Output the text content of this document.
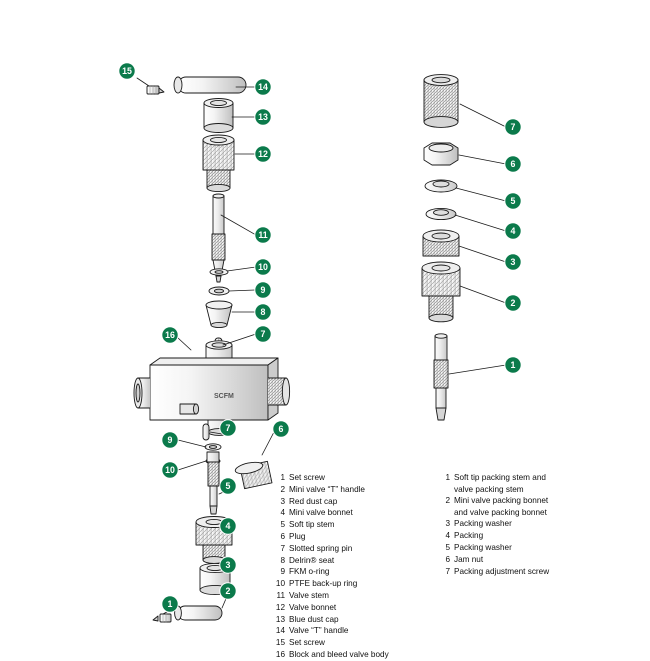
SCFM
15
14
13
12
11
10
9
8
7
16
9
7	6
10
5
4
3
2
1
7
6
5
4
3
2
1
1 Set screw
2 Mini valve “T” handle
3 Red dust cap
4 Mini valve bonnet
5 Soft tip stem
6 Plug
7 Slotted spring pin
8 Delrin® seat
9 FKM o-ring
10 PTFE back-up ring
11 Valve stem
12 Valve bonnet
13 Blue dust cap
14 Valve “T” handle
15 Set screw
16 Block and bleed valve body
1 Soft tip packing stem and
valve packing stem
2 Mini valve packing bonnet
and valve packing bonnet
3 Packing washer
4 Packing
5 Packing washer
6 Jam nut
7 Packing adjustment screw
